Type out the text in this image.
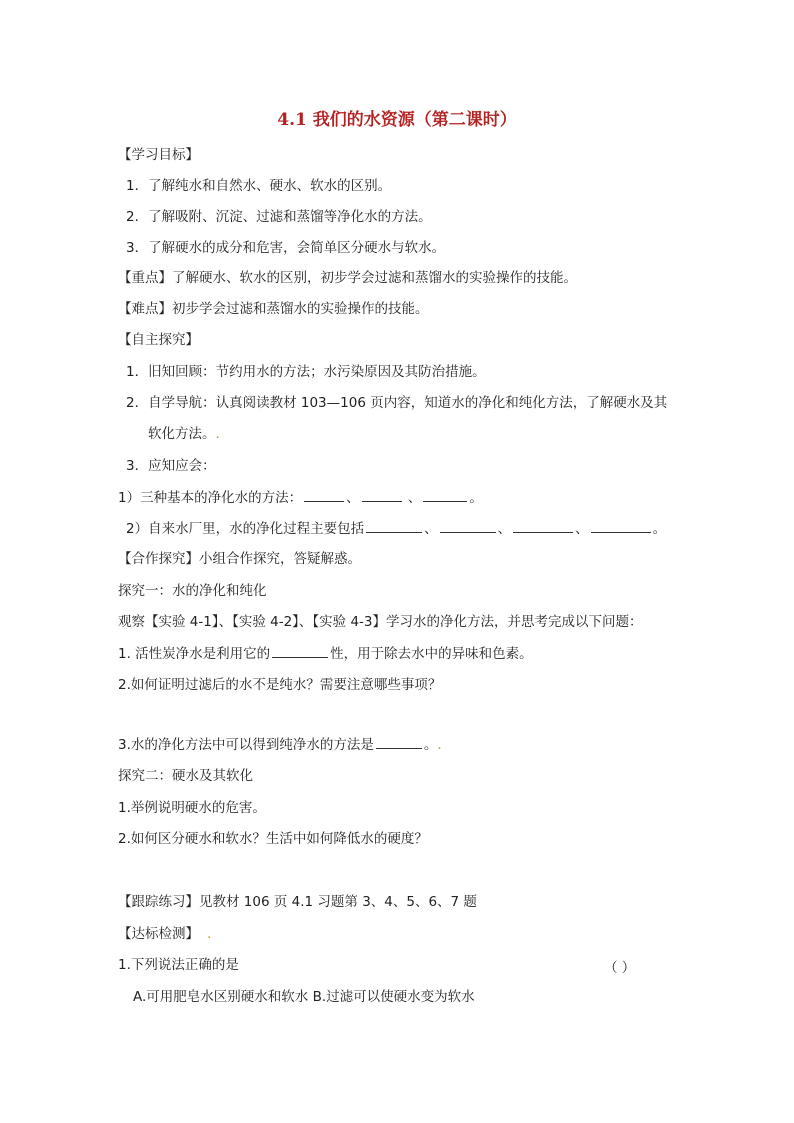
4.1 我们的水资源（第二课时）
【学习目标】
1．了解纯水和自然水、硬水、软水的区别。
2．了解吸附、沉淀、过滤和蒸馏等净化水的方法。
3．了解硬水的成分和危害，会简单区分硬水与软水。
【重点】了解硬水、软水的区别，初步学会过滤和蒸馏水的实验操作的技能。
【难点】初步学会过滤和蒸馏水的实验操作的技能。
【自主探究】
1．旧知回顾：节约用水的方法；水污染原因及其防治措施。
2．自学导航：认真阅读教材 103—106 页内容，知道水的净化和纯化方法，了解硬水及其
软化方法。.
3．应知应会：
1）三种基本的净化水的方法：	、	、	。
2）自来水厂里，水的净化过程主要包括	、	、	、	。
【合作探究】小组合作探究，答疑解惑。
探究一：水的净化和纯化
观察【实验 4-1】、【实验 4-2】、【实验 4-3】学习水的净化方法，并思考完成以下问题：
1. 活性炭净水是利用它的	性，用于除去水中的异味和色素。
2.如何证明过滤后的水不是纯水？需要注意哪些事项？
3.水的净化方法中可以得到纯净水的方法是	。.
探究二：硬水及其软化
1.举例说明硬水的危害。
2.如何区分硬水和软水？生活中如何降低水的硬度？
【跟踪练习】见教材 106 页 4.1 习题第 3、4、5、6、7 题
【达标检测】 .
1.下列说法正确的是	（ ）
A.可用肥皂水区别硬水和软水 B.过滤可以使硬水变为软水
